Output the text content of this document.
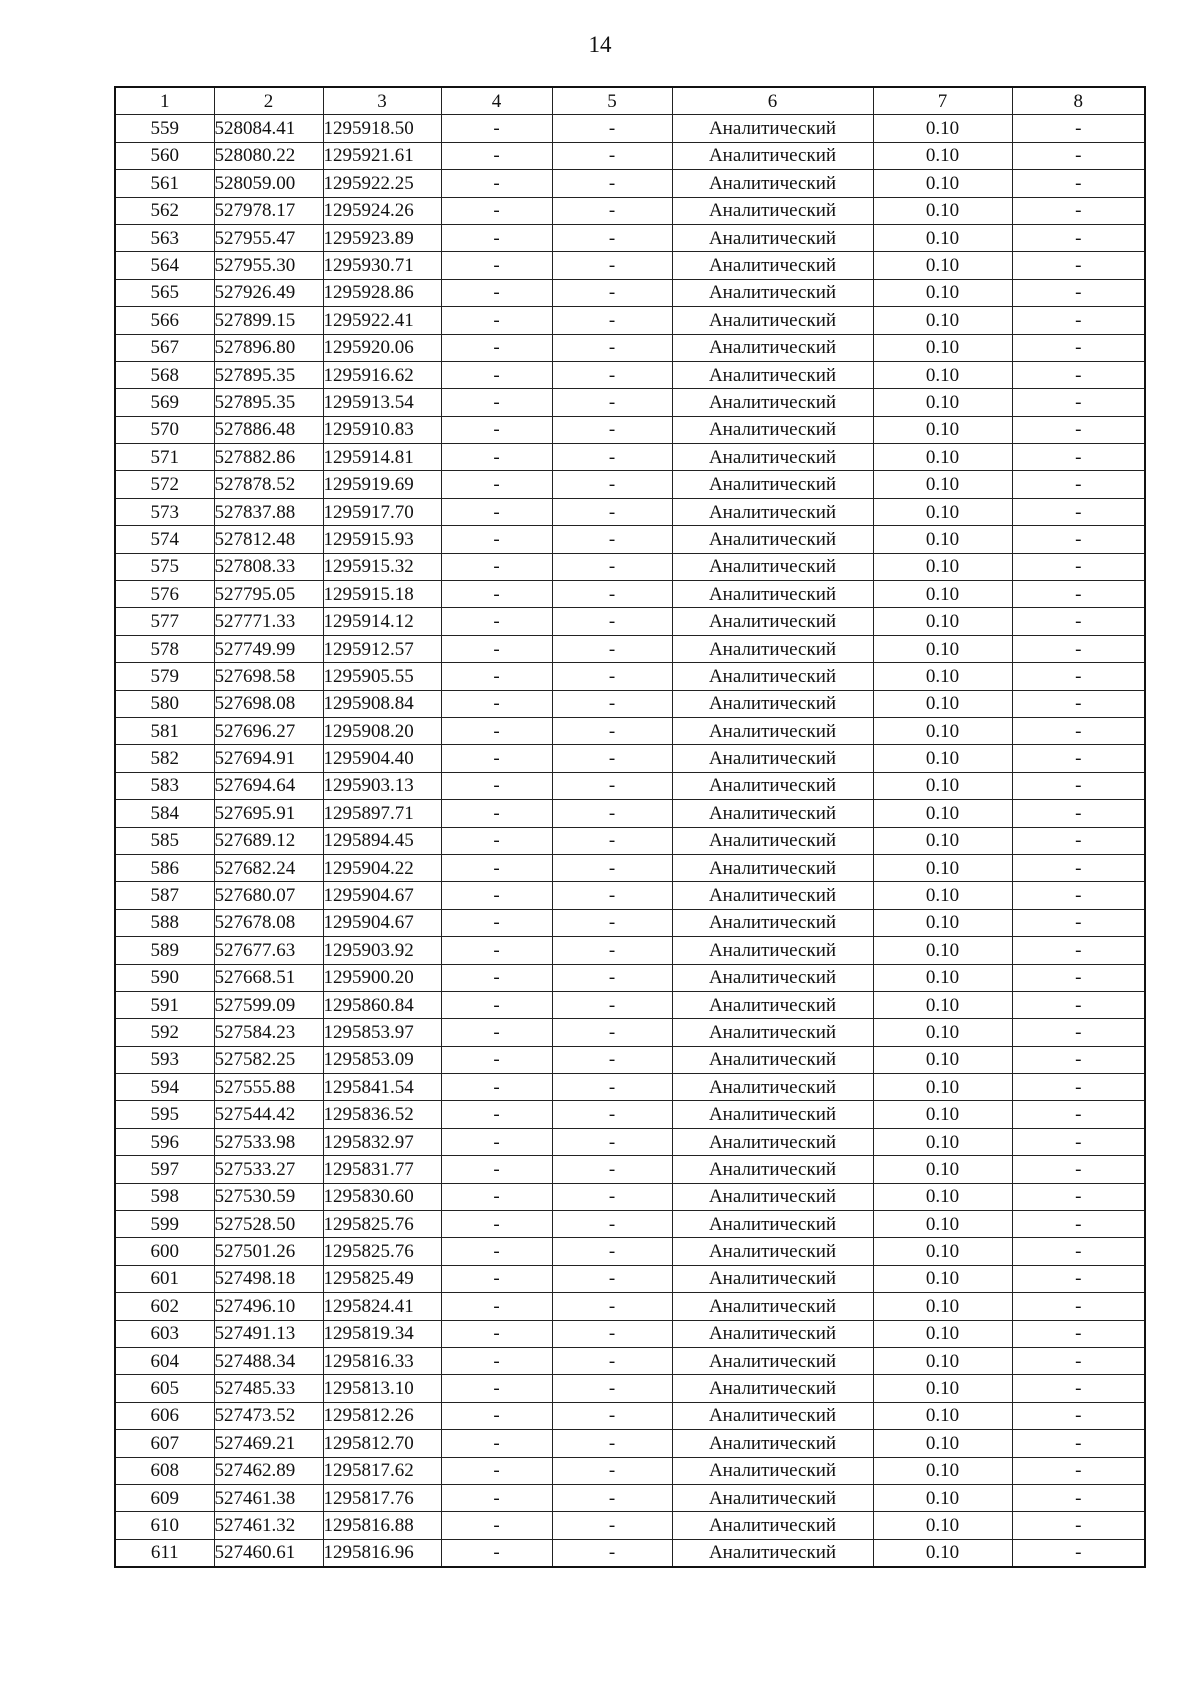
14
1	2	3	4	5	6	7	8
559	528084.41	1295918.50	-	-	Аналитический	0.10	-
560	528080.22	1295921.61	-	-	Аналитический	0.10	-
561	528059.00	1295922.25	-	-	Аналитический	0.10	-
562	527978.17	1295924.26	-	-	Аналитический	0.10	-
563	527955.47	1295923.89	-	-	Аналитический	0.10	-
564	527955.30	1295930.71	-	-	Аналитический	0.10	-
565	527926.49	1295928.86	-	-	Аналитический	0.10	-
566	527899.15	1295922.41	-	-	Аналитический	0.10	-
567	527896.80	1295920.06	-	-	Аналитический	0.10	-
568	527895.35	1295916.62	-	-	Аналитический	0.10	-
569	527895.35	1295913.54	-	-	Аналитический	0.10	-
570	527886.48	1295910.83	-	-	Аналитический	0.10	-
571	527882.86	1295914.81	-	-	Аналитический	0.10	-
572	527878.52	1295919.69	-	-	Аналитический	0.10	-
573	527837.88	1295917.70	-	-	Аналитический	0.10	-
574	527812.48	1295915.93	-	-	Аналитический	0.10	-
575	527808.33	1295915.32	-	-	Аналитический	0.10	-
576	527795.05	1295915.18	-	-	Аналитический	0.10	-
577	527771.33	1295914.12	-	-	Аналитический	0.10	-
578	527749.99	1295912.57	-	-	Аналитический	0.10	-
579	527698.58	1295905.55	-	-	Аналитический	0.10	-
580	527698.08	1295908.84	-	-	Аналитический	0.10	-
581	527696.27	1295908.20	-	-	Аналитический	0.10	-
582	527694.91	1295904.40	-	-	Аналитический	0.10	-
583	527694.64	1295903.13	-	-	Аналитический	0.10	-
584	527695.91	1295897.71	-	-	Аналитический	0.10	-
585	527689.12	1295894.45	-	-	Аналитический	0.10	-
586	527682.24	1295904.22	-	-	Аналитический	0.10	-
587	527680.07	1295904.67	-	-	Аналитический	0.10	-
588	527678.08	1295904.67	-	-	Аналитический	0.10	-
589	527677.63	1295903.92	-	-	Аналитический	0.10	-
590	527668.51	1295900.20	-	-	Аналитический	0.10	-
591	527599.09	1295860.84	-	-	Аналитический	0.10	-
592	527584.23	1295853.97	-	-	Аналитический	0.10	-
593	527582.25	1295853.09	-	-	Аналитический	0.10	-
594	527555.88	1295841.54	-	-	Аналитический	0.10	-
595	527544.42	1295836.52	-	-	Аналитический	0.10	-
596	527533.98	1295832.97	-	-	Аналитический	0.10	-
597	527533.27	1295831.77	-	-	Аналитический	0.10	-
598	527530.59	1295830.60	-	-	Аналитический	0.10	-
599	527528.50	1295825.76	-	-	Аналитический	0.10	-
600	527501.26	1295825.76	-	-	Аналитический	0.10	-
601	527498.18	1295825.49	-	-	Аналитический	0.10	-
602	527496.10	1295824.41	-	-	Аналитический	0.10	-
603	527491.13	1295819.34	-	-	Аналитический	0.10	-
604	527488.34	1295816.33	-	-	Аналитический	0.10	-
605	527485.33	1295813.10	-	-	Аналитический	0.10	-
606	527473.52	1295812.26	-	-	Аналитический	0.10	-
607	527469.21	1295812.70	-	-	Аналитический	0.10	-
608	527462.89	1295817.62	-	-	Аналитический	0.10	-
609	527461.38	1295817.76	-	-	Аналитический	0.10	-
610	527461.32	1295816.88	-	-	Аналитический	0.10	-
611	527460.61	1295816.96	-	-	Аналитический	0.10	-
